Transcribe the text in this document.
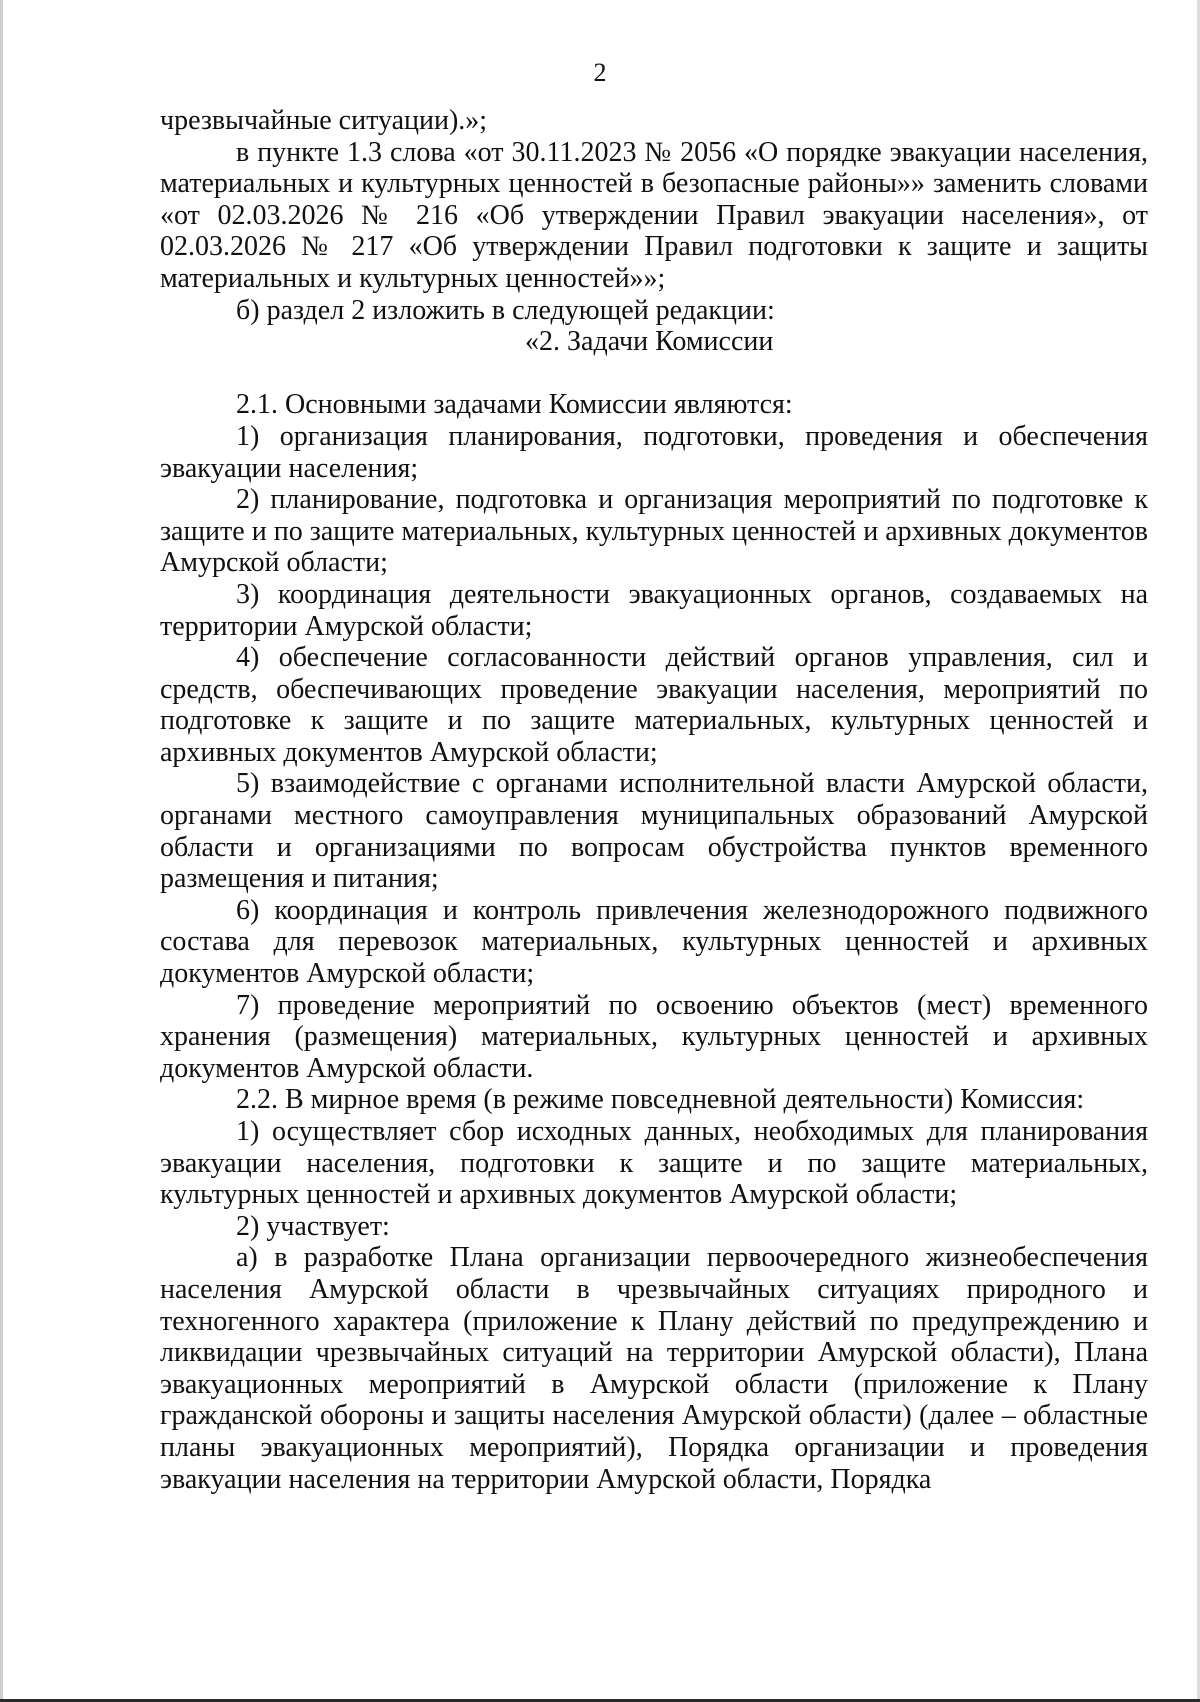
2

чрезвычайные ситуации).»;

в пункте 1.3 слова «от 30.11.2023 № 2056 «О порядке эвакуации населения, материальных и культурных ценностей в безопасные районы»» заменить словами «от 02.03.2026 № 216 «Об утверждении Правил эвакуации населения», от 02.03.2026 № 217 «Об утверждении Правил подготовки к защите и защиты материальных и культурных ценностей»»;

б) раздел 2 изложить в следующей редакции:

«2. Задачи Комиссии

2.1. Основными задачами Комиссии являются:

1) организация планирования, подготовки, проведения и обеспечения эвакуации населения;

2) планирование, подготовка и организация мероприятий по подготовке к защите и по защите материальных, культурных ценностей и архивных документов Амурской области;

3) координация деятельности эвакуационных органов, создаваемых на территории Амурской области;

4) обеспечение согласованности действий органов управления, сил и средств, обеспечивающих проведение эвакуации населения, мероприятий по подготовке к защите и по защите материальных, культурных ценностей и архивных документов Амурской области;

5) взаимодействие с органами исполнительной власти Амурской области, органами местного самоуправления муниципальных образований Амурской области и организациями по вопросам обустройства пунктов временного размещения и питания;

6) координация и контроль привлечения железнодорожного подвижного состава для перевозок материальных, культурных ценностей и архивных документов Амурской области;

7) проведение мероприятий по освоению объектов (мест) временного хранения (размещения) материальных, культурных ценностей и архивных документов Амурской области.

2.2. В мирное время (в режиме повседневной деятельности) Комиссия:

1) осуществляет сбор исходных данных, необходимых для планирования эвакуации населения, подготовки к защите и по защите материальных, культурных ценностей и архивных документов Амурской области;

2) участвует:

а) в разработке Плана организации первоочередного жизнеобеспечения населения Амурской области в чрезвычайных ситуациях природного и техногенного характера (приложение к Плану действий по предупреждению и ликвидации чрезвычайных ситуаций на территории Амурской области), Плана эвакуационных мероприятий в Амурской области (приложение к Плану гражданской обороны и защиты населения Амурской области) (далее – областные планы эвакуационных мероприятий), Порядка организации и проведения эвакуации населения на территории Амурской области, Порядка
